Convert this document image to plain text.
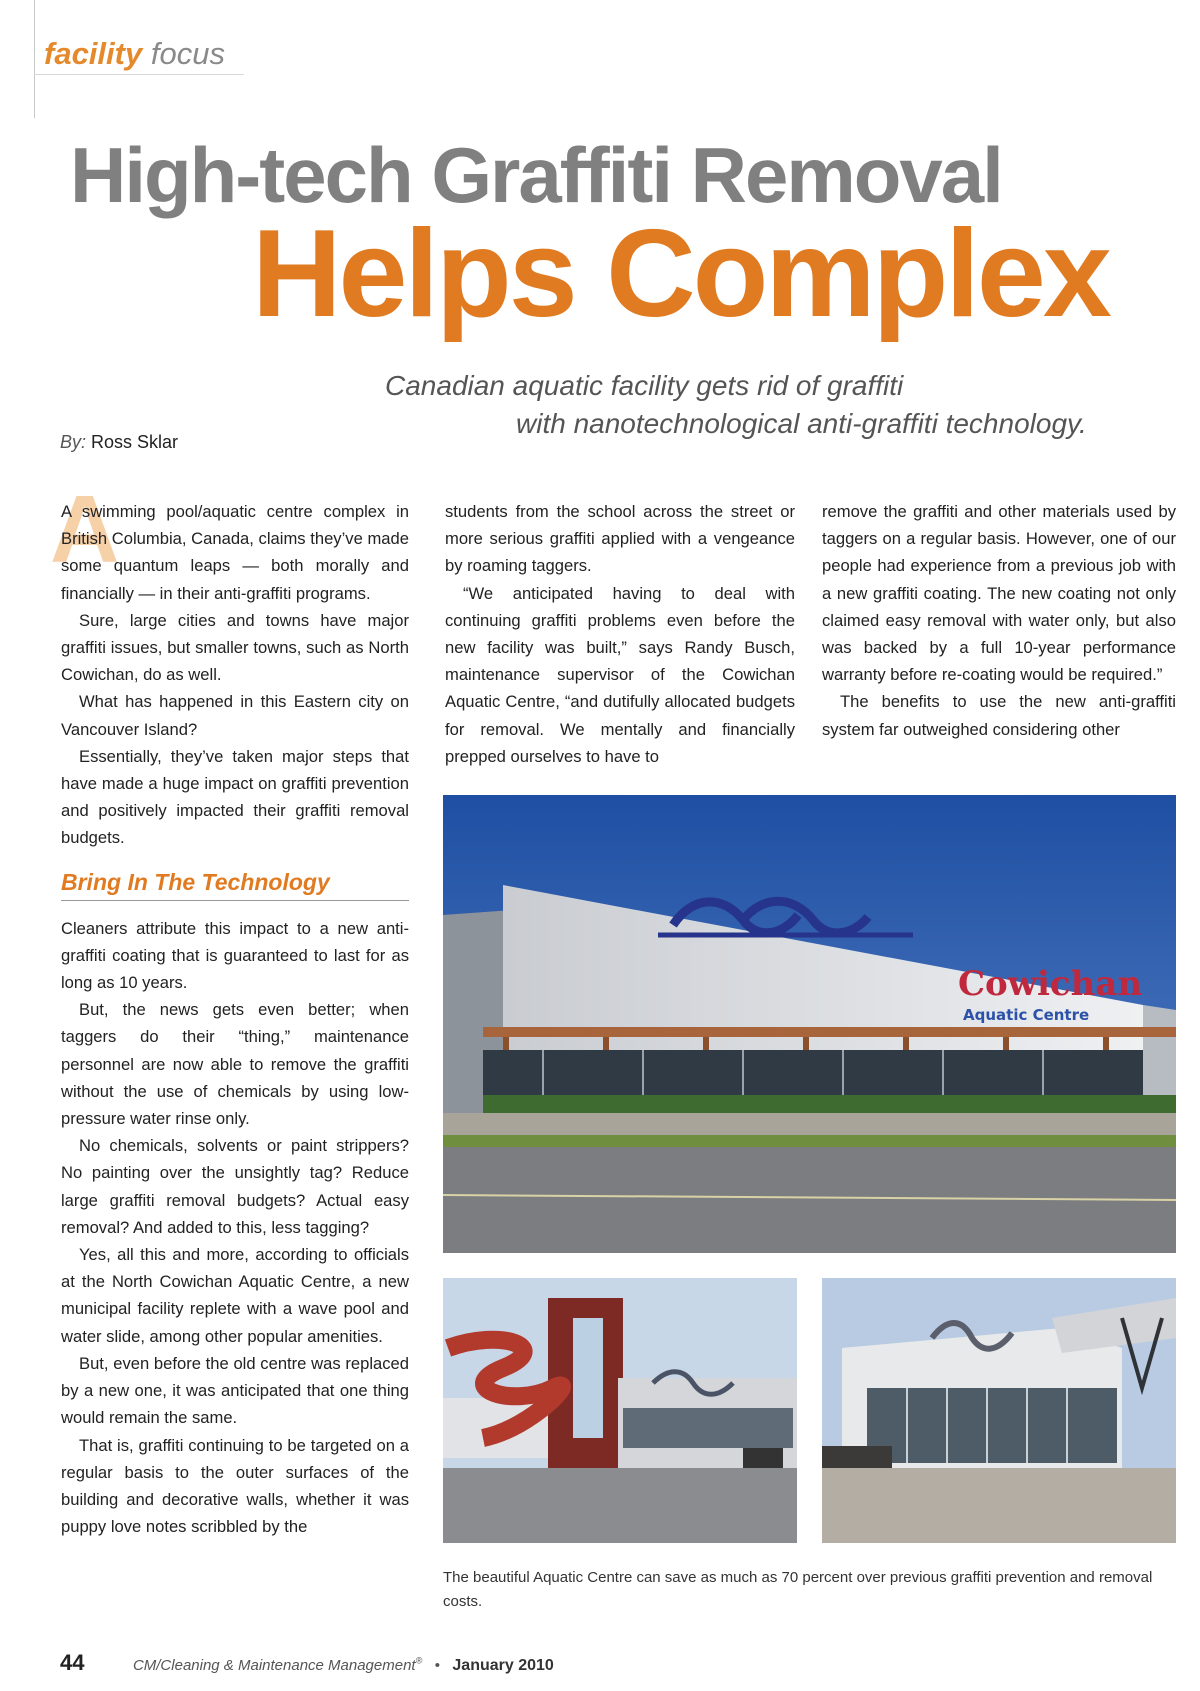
facility focus
High-tech Graffiti Removal
Helps Complex
Canadian aquatic facility gets rid of graffiti
with nanotechnological anti-graffiti technology.
By: Ross Sklar
A

A swimming pool/aquatic centre complex in British Columbia, Canada, claims they’ve made some quantum leaps — both morally and financially — in their anti-graffiti programs.

Sure, large cities and towns have major graffiti issues, but smaller towns, such as North Cowichan, do as well.

What has happened in this Eastern city on Vancouver Island?

Essentially, they’ve taken major steps that have made a huge impact on graffiti prevention and positively impacted their graffiti removal budgets.

Bring In The Technology

Cleaners attribute this impact to a new anti-graffiti coating that is guaranteed to last for as long as 10 years.

But, the news gets even better; when taggers do their “thing,” maintenance personnel are now able to remove the graffiti without the use of chemicals by using low-pressure water rinse only.

No chemicals, solvents or paint strippers? No painting over the unsightly tag? Reduce large graffiti removal budgets? Actual easy removal? And added to this, less tagging?

Yes, all this and more, according to officials at the North Cowichan Aquatic Centre, a new municipal facility replete with a wave pool and water slide, among other popular amenities.

But, even before the old centre was replaced by a new one, it was anticipated that one thing would remain the same.

That is, graffiti continuing to be targeted on a regular basis to the outer surfaces of the building and decorative walls, whether it was puppy love notes scribbled by the

students from the school across the street or more serious graffiti applied with a vengeance by roaming taggers.

“We anticipated having to deal with continuing graffiti problems even before the new facility was built,” says Randy Busch, maintenance supervisor of the Cowichan Aquatic Centre, “and dutifully allocated budgets for removal. We mentally and financially prepped ourselves to have to

remove the graffiti and other materials used by taggers on a regular basis. However, one of our people had experience from a previous job with a new graffiti coating. The new coating not only claimed easy removal with water only, but also was backed by a full 10-year performance warranty before re-coating would be required.”

The benefits to use the new anti-graffiti system far outweighed considering other

Cowichan
Aquatic Centre
The beautiful Aquatic Centre can save as much as 70 percent over previous graffiti prevention and removal costs.
44	CM/Cleaning & Maintenance Management® • January 2010
